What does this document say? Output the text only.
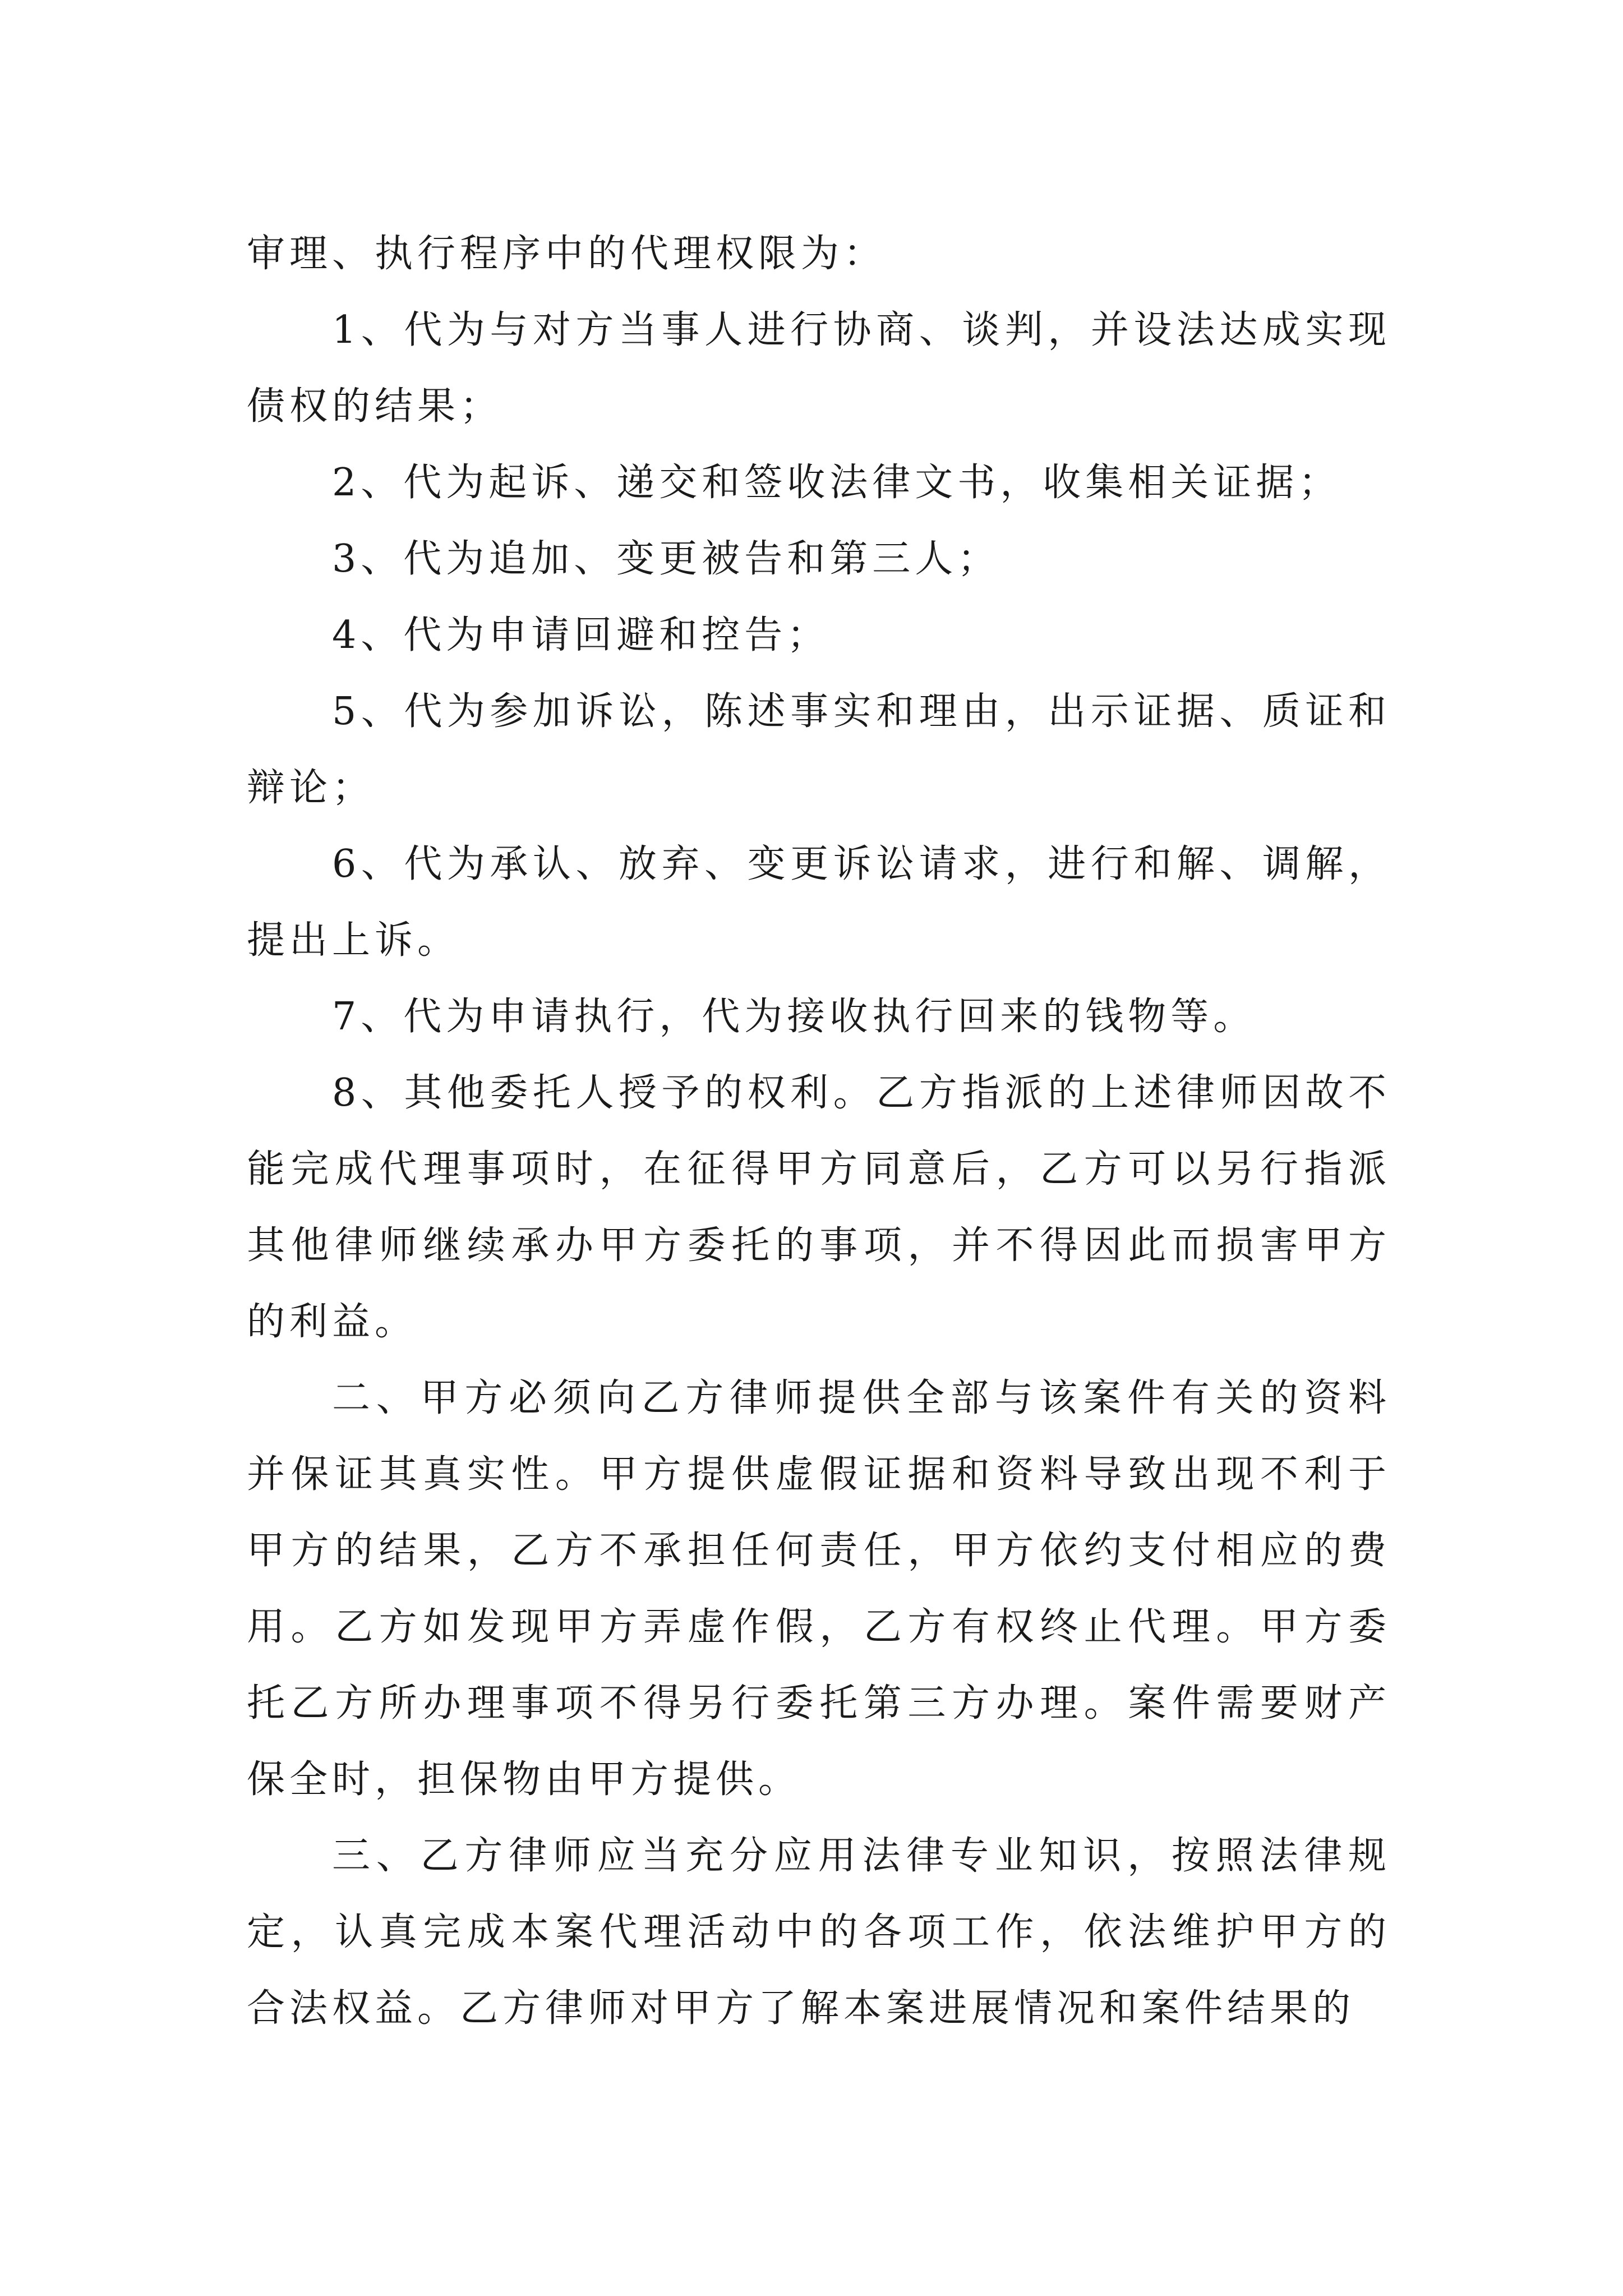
审理、执行程序中的代理权限为：

1、代为与对方当事人进行协商、谈判，并设法达成实现债权的结果；

2、代为起诉、递交和签收法律文书，收集相关证据；

3、代为追加、变更被告和第三人；

4、代为申请回避和控告；

5、代为参加诉讼，陈述事实和理由，出示证据、质证和辩论；

6、代为承认、放弃、变更诉讼请求，进行和解、调解，提出上诉。

7、代为申请执行，代为接收执行回来的钱物等。

8、其他委托人授予的权利。乙方指派的上述律师因故不能完成代理事项时，在征得甲方同意后，乙方可以另行指派其他律师继续承办甲方委托的事项，并不得因此而损害甲方的利益。

二、甲方必须向乙方律师提供全部与该案件有关的资料并保证其真实性。甲方提供虚假证据和资料导致出现不利于甲方的结果，乙方不承担任何责任，甲方依约支付相应的费用。乙方如发现甲方弄虚作假，乙方有权终止代理。甲方委托乙方所办理事项不得另行委托第三方办理。案件需要财产保全时，担保物由甲方提供。

三、乙方律师应当充分应用法律专业知识，按照法律规定，认真完成本案代理活动中的各项工作，依法维护甲方的合法权益。乙方律师对甲方了解本案进展情况和案件结果的
